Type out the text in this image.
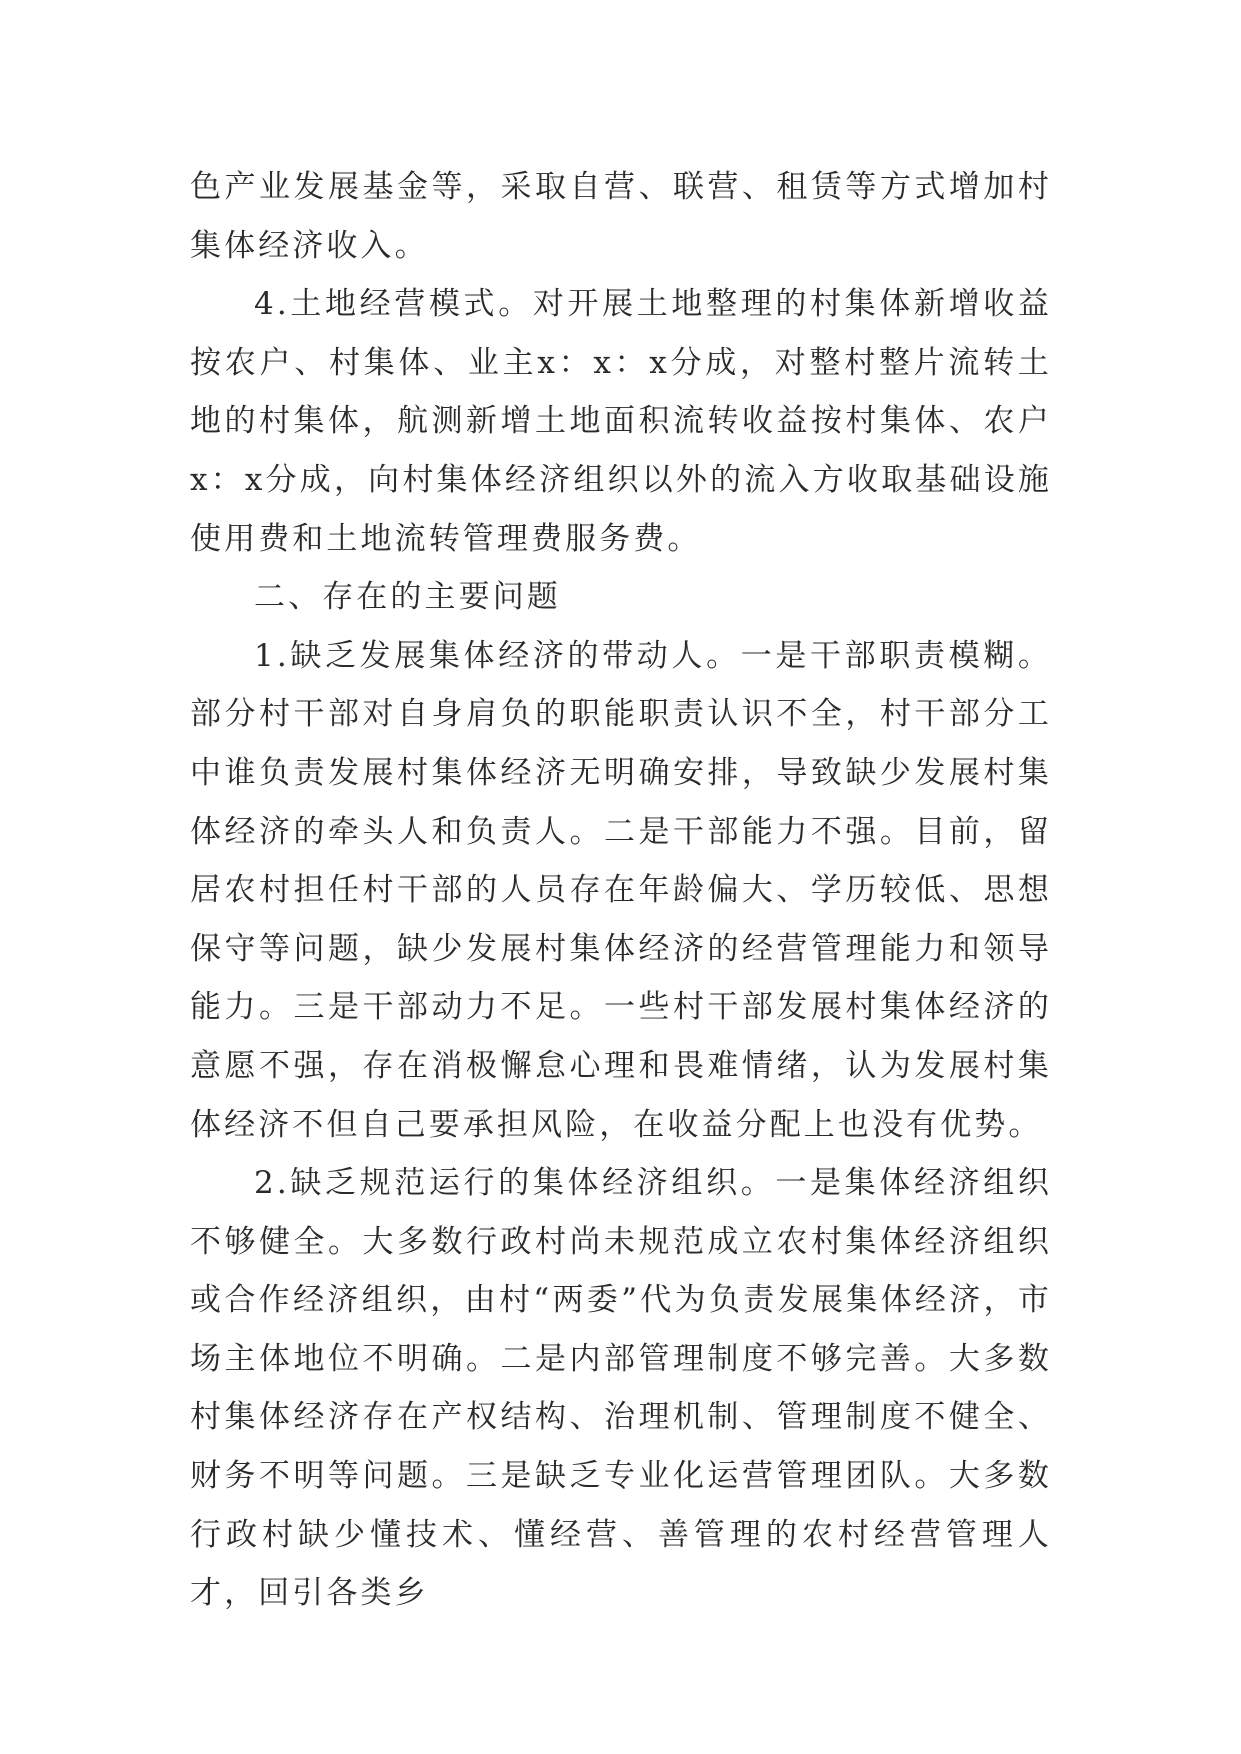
色产业发展基金等，采取自营、联营、租赁等方式增加村集体经济收入。

4.土地经营模式。对开展土地整理的村集体新增收益按农户、村集体、业主x：x：x分成，对整村整片流转土地的村集体，航测新增土地面积流转收益按村集体、农户x：x分成，向村集体经济组织以外的流入方收取基础设施使用费和土地流转管理费服务费。

二、存在的主要问题

1.缺乏发展集体经济的带动人。一是干部职责模糊。部分村干部对自身肩负的职能职责认识不全，村干部分工中谁负责发展村集体经济无明确安排，导致缺少发展村集体经济的牵头人和负责人。二是干部能力不强。目前，留居农村担任村干部的人员存在年龄偏大、学历较低、思想保守等问题，缺少发展村集体经济的经营管理能力和领导能力。三是干部动力不足。一些村干部发展村集体经济的意愿不强，存在消极懈怠心理和畏难情绪，认为发展村集体经济不但自己要承担风险，在收益分配上也没有优势。

2.缺乏规范运行的集体经济组织。一是集体经济组织不够健全。大多数行政村尚未规范成立农村集体经济组织或合作经济组织，由村“两委”代为负责发展集体经济，市场主体地位不明确。二是内部管理制度不够完善。大多数村集体经济存在产权结构、治理机制、管理制度不健全、财务不明等问题。三是缺乏专业化运营管理团队。大多数行政村缺少懂技术、懂经营、善管理的农村经营管理人才，回引各类乡
